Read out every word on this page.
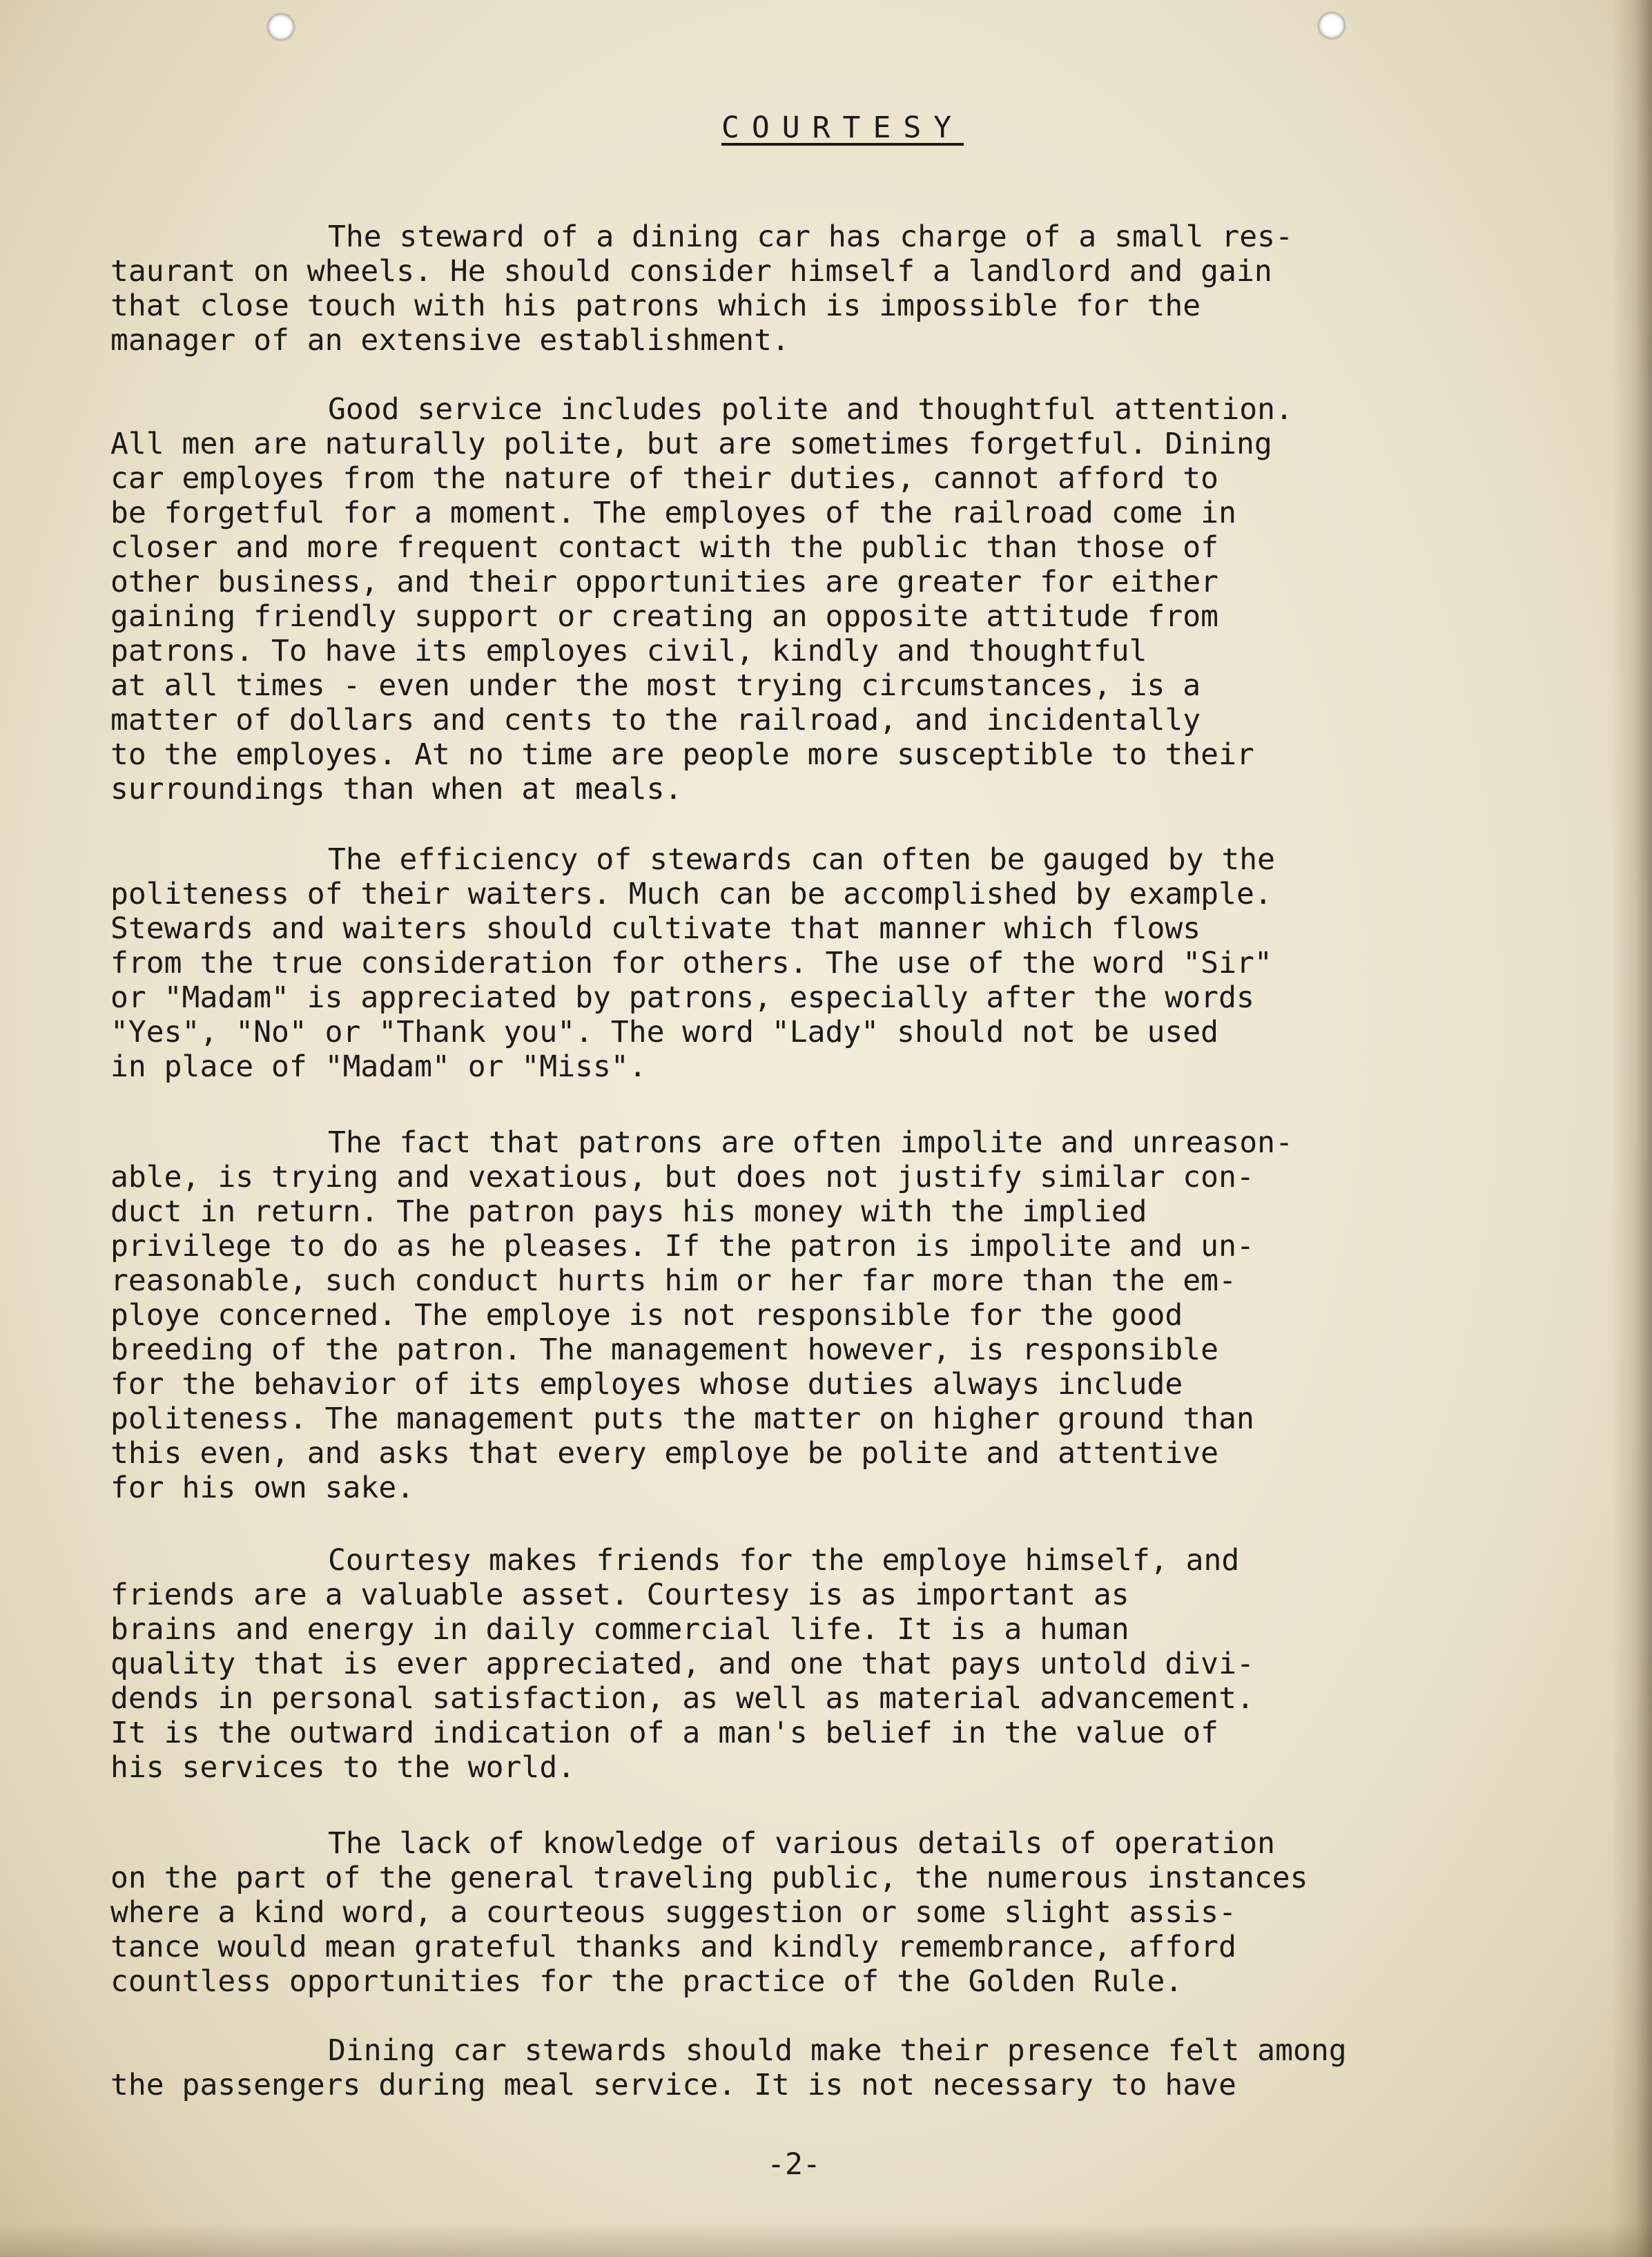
COURTESY
The steward of a dining car has charge of a small res-
taurant on wheels. He should consider himself a landlord and gain
that close touch with his patrons which is impossible for the
manager of an extensive establishment.
Good service includes polite and thoughtful attention.
All men are naturally polite, but are sometimes forgetful. Dining
car employes from the nature of their duties, cannot afford to
be forgetful for a moment. The employes of the railroad come in
closer and more frequent contact with the public than those of
other business, and their opportunities are greater for either
gaining friendly support or creating an opposite attitude from
patrons. To have its employes civil, kindly and thoughtful
at all times - even under the most trying circumstances, is a
matter of dollars and cents to the railroad, and incidentally
to the employes. At no time are people more susceptible to their
surroundings than when at meals.
The efficiency of stewards can often be gauged by the
politeness of their waiters. Much can be accomplished by example.
Stewards and waiters should cultivate that manner which flows
from the true consideration for others. The use of the word "Sir"
or "Madam" is appreciated by patrons, especially after the words
"Yes", "No" or "Thank you". The word "Lady" should not be used
in place of "Madam" or "Miss".
The fact that patrons are often impolite and unreason-
able, is trying and vexatious, but does not justify similar con-
duct in return. The patron pays his money with the implied
privilege to do as he pleases. If the patron is impolite and un-
reasonable, such conduct hurts him or her far more than the em-
ploye concerned. The employe is not responsible for the good
breeding of the patron. The management however, is responsible
for the behavior of its employes whose duties always include
politeness. The management puts the matter on higher ground than
this even, and asks that every employe be polite and attentive
for his own sake.
Courtesy makes friends for the employe himself, and
friends are a valuable asset. Courtesy is as important as
brains and energy in daily commercial life. It is a human
quality that is ever appreciated, and one that pays untold divi-
dends in personal satisfaction, as well as material advancement.
It is the outward indication of a man's belief in the value of
his services to the world.
The lack of knowledge of various details of operation
on the part of the general traveling public, the numerous instances
where a kind word, a courteous suggestion or some slight assis-
tance would mean grateful thanks and kindly remembrance, afford
countless opportunities for the practice of the Golden Rule.
Dining car stewards should make their presence felt among
the passengers during meal service. It is not necessary to have

-2-
